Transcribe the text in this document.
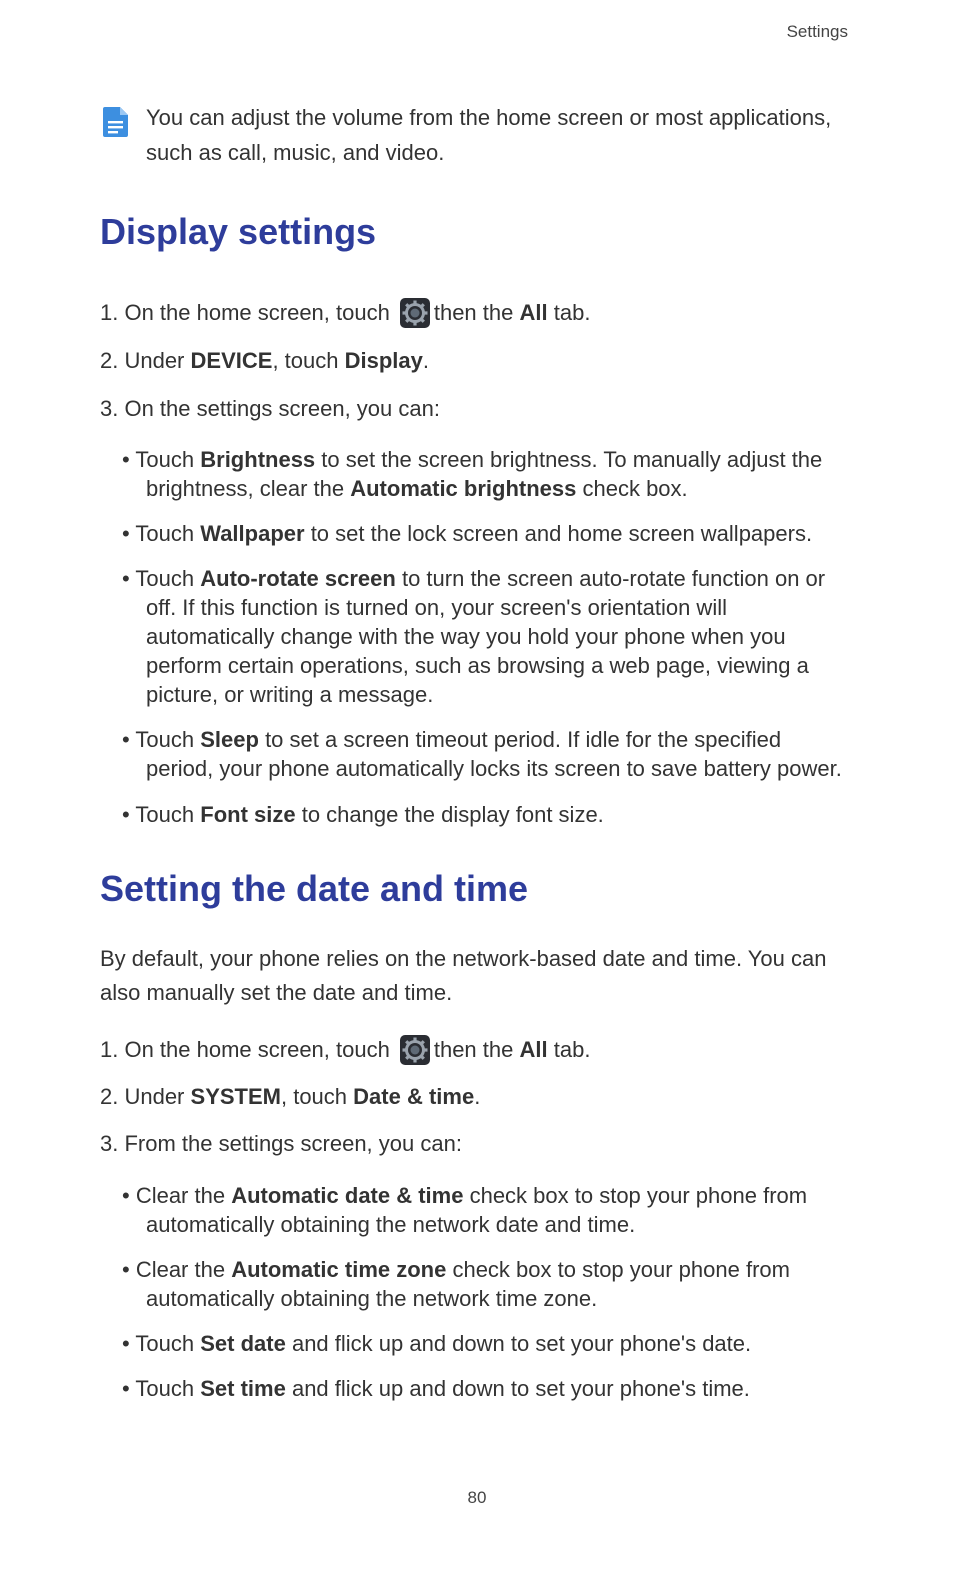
Settings
You can adjust the volume from the home screen or most applications, such as call, music, and video.
Display settings
1. On the home screen, touch then the All tab.
2. Under DEVICE, touch Display.
3. On the settings screen, you can:
• Touch Brightness to set the screen brightness. To manually adjust the
brightness, clear the Automatic brightness check box.
• Touch Wallpaper to set the lock screen and home screen wallpapers.
• Touch Auto-rotate screen to turn the screen auto-rotate function on or
off. If this function is turned on, your screen's orientation will
automatically change with the way you hold your phone when you
perform certain operations, such as browsing a web page, viewing a
picture, or writing a message.
• Touch Sleep to set a screen timeout period. If idle for the specified
period, your phone automatically locks its screen to save battery power.
• Touch Font size to change the display font size.
Setting the date and time
By default, your phone relies on the network-based date and time. You can also manually set the date and time.
1. On the home screen, touch then the All tab.
2. Under SYSTEM, touch Date & time.
3. From the settings screen, you can:
• Clear the Automatic date & time check box to stop your phone from
automatically obtaining the network date and time.
• Clear the Automatic time zone check box to stop your phone from
automatically obtaining the network time zone.
• Touch Set date and flick up and down to set your phone's date.
• Touch Set time and flick up and down to set your phone's time.
80
